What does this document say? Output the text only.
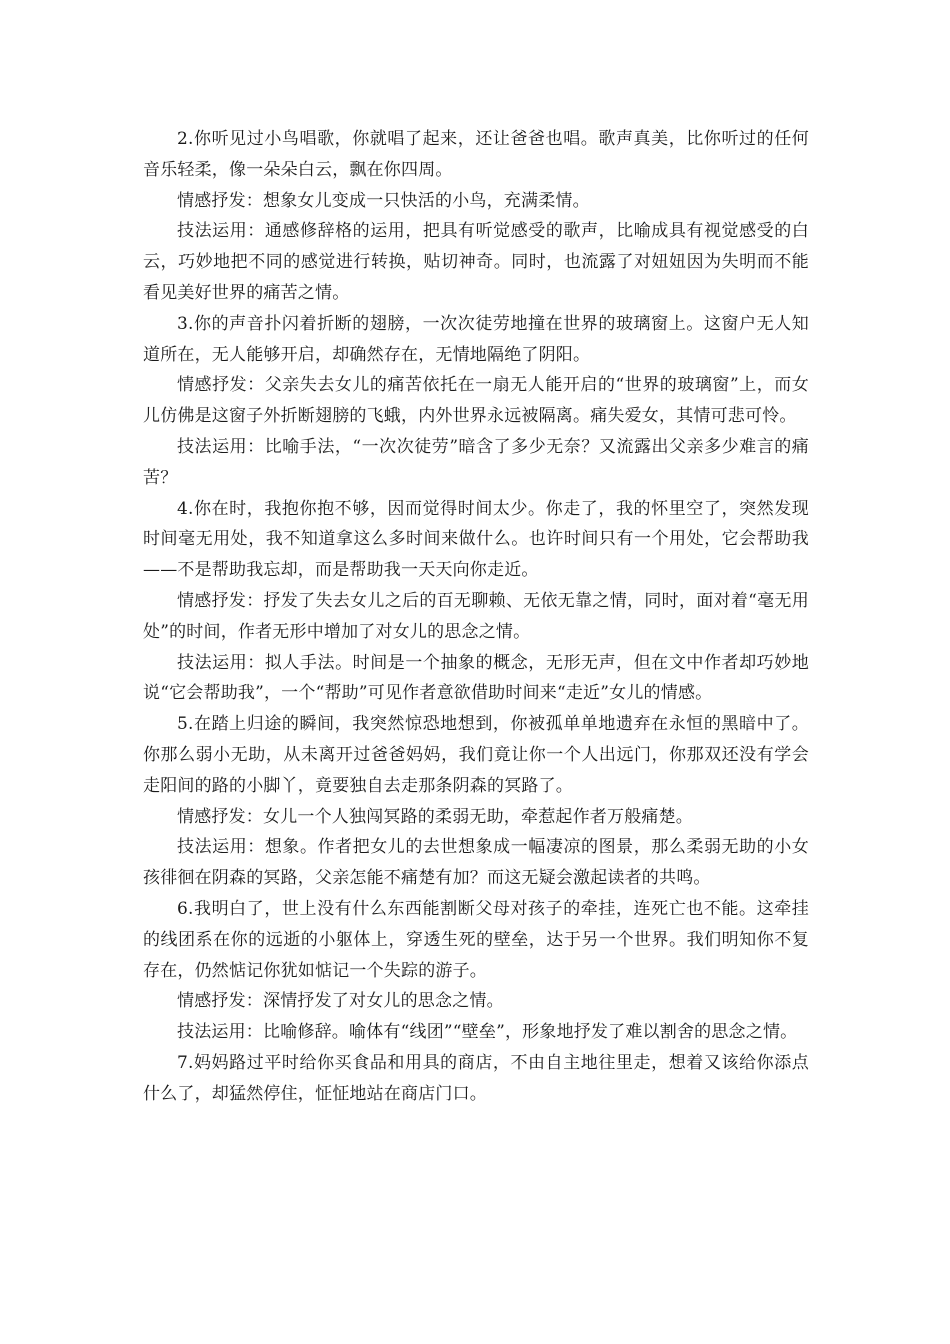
2.你听见过小鸟唱歌，你就唱了起来，还让爸爸也唱。歌声真美，比你听过的任何音乐轻柔，像一朵朵白云，飘在你四周。

情感抒发：想象女儿变成一只快活的小鸟，充满柔情。

技法运用：通感修辞格的运用，把具有听觉感受的歌声，比喻成具有视觉感受的白云，巧妙地把不同的感觉进行转换，贴切神奇。同时，也流露了对妞妞因为失明而不能看见美好世界的痛苦之情。

3.你的声音扑闪着折断的翅膀，一次次徒劳地撞在世界的玻璃窗上。这窗户无人知道所在，无人能够开启，却确然存在，无情地隔绝了阴阳。

情感抒发：父亲失去女儿的痛苦依托在一扇无人能开启的“世界的玻璃窗”上，而女儿仿佛是这窗子外折断翅膀的飞蛾，内外世界永远被隔离。痛失爱女，其情可悲可怜。

技法运用：比喻手法，“一次次徒劳”暗含了多少无奈？又流露出父亲多少难言的痛苦？

4.你在时，我抱你抱不够，因而觉得时间太少。你走了，我的怀里空了，突然发现时间毫无用处，我不知道拿这么多时间来做什么。也许时间只有一个用处，它会帮助我——不是帮助我忘却，而是帮助我一天天向你走近。

情感抒发：抒发了失去女儿之后的百无聊赖、无依无靠之情，同时，面对着“毫无用处”的时间，作者无形中增加了对女儿的思念之情。

技法运用：拟人手法。时间是一个抽象的概念，无形无声，但在文中作者却巧妙地说“它会帮助我”，一个“帮助”可见作者意欲借助时间来“走近”女儿的情感。

5.在踏上归途的瞬间，我突然惊恐地想到，你被孤单单地遗弃在永恒的黑暗中了。你那么弱小无助，从未离开过爸爸妈妈，我们竟让你一个人出远门，你那双还没有学会走阳间的路的小脚丫，竟要独自去走那条阴森的冥路了。

情感抒发：女儿一个人独闯冥路的柔弱无助，牵惹起作者万般痛楚。

技法运用：想象。作者把女儿的去世想象成一幅凄凉的图景，那么柔弱无助的小女孩徘徊在阴森的冥路，父亲怎能不痛楚有加？而这无疑会激起读者的共鸣。

6.我明白了，世上没有什么东西能割断父母对孩子的牵挂，连死亡也不能。这牵挂的线团系在你的远逝的小躯体上，穿透生死的壁垒，达于另一个世界。我们明知你不复存在，仍然惦记你犹如惦记一个失踪的游子。

情感抒发：深情抒发了对女儿的思念之情。

技法运用：比喻修辞。喻体有“线团”“壁垒”，形象地抒发了难以割舍的思念之情。

7.妈妈路过平时给你买食品和用具的商店，不由自主地往里走，想着又该给你添点什么了，却猛然停住，怔怔地站在商店门口。
